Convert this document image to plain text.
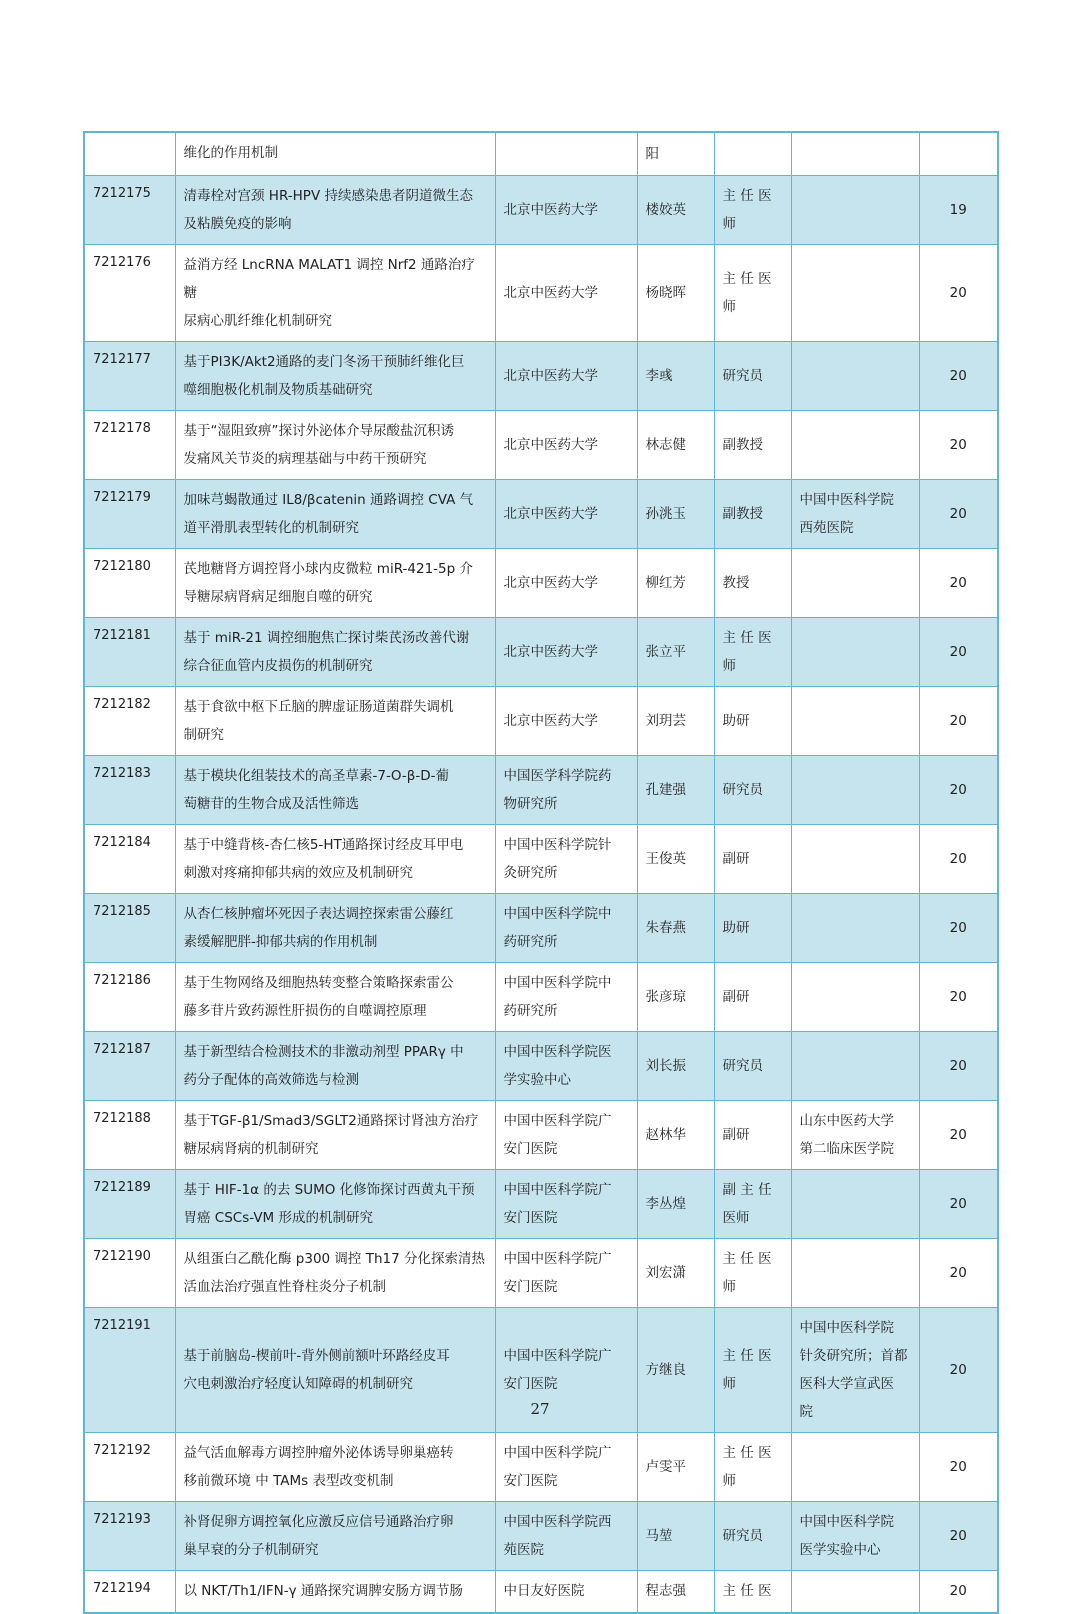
	维化的作用机制		阳			

7212175	清毒栓对宫颈 HR-HPV 持续感染患者阴道微生态
及粘膜免疫的影响	北京中医药大学	楼姣英	主 任 医
师		19
7212176	益消方经 LncRNA MALAT1 调控 Nrf2 通路治疗糖
尿病心肌纤维化机制研究	北京中医药大学	杨晓晖	主 任 医
师		20
7212177	基于PI3K/Akt2通路的麦门冬汤干预肺纤维化巨
噬细胞极化机制及物质基础研究	北京中医药大学	李彧	研究员		20
7212178	基于“湿阻致痹”探讨外泌体介导尿酸盐沉积诱
发痛风关节炎的病理基础与中药干预研究	北京中医药大学	林志健	副教授		20
7212179	加味芎蝎散通过 IL8/βcatenin 通路调控 CVA 气
道平滑肌表型转化的机制研究	北京中医药大学	孙洮玉	副教授	中国中医科学院
西苑医院	20
7212180	芪地糖肾方调控肾小球内皮微粒 miR-421-5p 介
导糖尿病肾病足细胞自噬的研究	北京中医药大学	柳红芳	教授		20
7212181	基于 miR-21 调控细胞焦亡探讨柴芪汤改善代谢
综合征血管内皮损伤的机制研究	北京中医药大学	张立平	主 任 医
师		20
7212182	基于食欲中枢下丘脑的脾虚证肠道菌群失调机
制研究	北京中医药大学	刘玥芸	助研		20
7212183	基于模块化组装技术的高圣草素-7-O-β-D-葡
萄糖苷的生物合成及活性筛选	中国医学科学院药
物研究所	孔建强	研究员		20
7212184	基于中缝背核-杏仁核5-HT通路探讨经皮耳甲电
刺激对疼痛抑郁共病的效应及机制研究	中国中医科学院针
灸研究所	王俊英	副研		20
7212185	从杏仁核肿瘤坏死因子表达调控探索雷公藤红
素缓解肥胖-抑郁共病的作用机制	中国中医科学院中
药研究所	朱春燕	助研		20
7212186	基于生物网络及细胞热转变整合策略探索雷公
藤多苷片致药源性肝损伤的自噬调控原理	中国中医科学院中
药研究所	张彦琼	副研		20
7212187	基于新型结合检测技术的非激动剂型 PPARγ 中
药分子配体的高效筛选与检测	中国中医科学院医
学实验中心	刘长振	研究员		20
7212188	基于TGF-β1/Smad3/SGLT2通路探讨肾浊方治疗
糖尿病肾病的机制研究	中国中医科学院广
安门医院	赵林华	副研	山东中医药大学
第二临床医学院	20
7212189	基于 HIF-1α 的去 SUMO 化修饰探讨西黄丸干预
胃癌 CSCs-VM 形成的机制研究	中国中医科学院广
安门医院	李丛煌	副 主 任
医师		20
7212190	从组蛋白乙酰化酶 p300 调控 Th17 分化探索清热
活血法治疗强直性脊柱炎分子机制	中国中医科学院广
安门医院	刘宏潇	主 任 医
师		20
7212191	基于前脑岛-楔前叶-背外侧前额叶环路经皮耳
穴电刺激治疗轻度认知障碍的机制研究	中国中医科学院广
安门医院	方继良	主 任 医
师	中国中医科学院
针灸研究所；首都
医科大学宣武医
院	20
7212192	益气活血解毒方调控肿瘤外泌体诱导卵巢癌转
移前微环境 中 TAMs 表型改变机制	中国中医科学院广
安门医院	卢雯平	主 任 医
师		20
7212193	补肾促卵方调控氧化应激反应信号通路治疗卵
巢早衰的分子机制研究	中国中医科学院西
苑医院	马堃	研究员	中国中医科学院
医学实验中心	20
7212194	以 NKT/Th1/IFN-γ 通路探究调脾安肠方调节肠	中日友好医院	程志强	主 任 医		20
27
